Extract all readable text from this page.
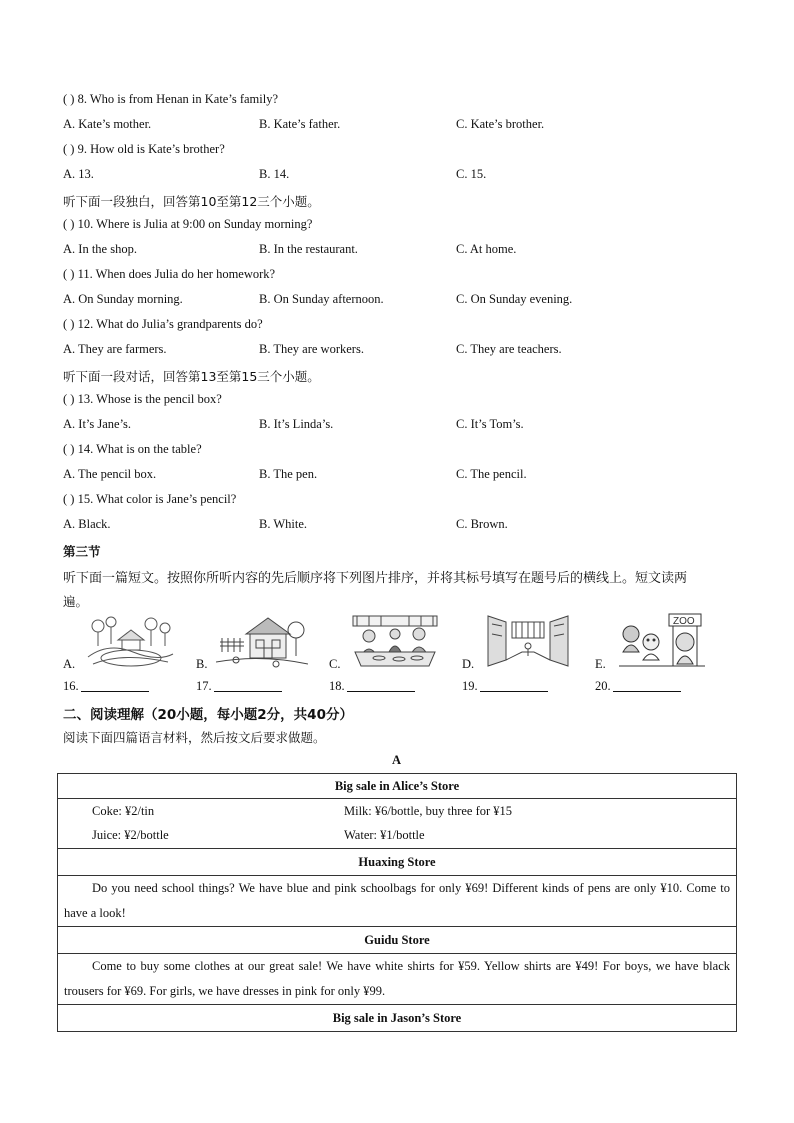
( ) 8. Who is from Henan in Kate’s family?
A. Kate’s mother.	B. Kate’s father.	C. Kate’s brother.
( ) 9. How old is Kate’s brother?
A. 13.	B. 14.	C. 15.
听下面一段独白，回答第10至第12三个小题。
( ) 10. Where is Julia at 9:00 on Sunday morning?
A. In the shop.	B. In the restaurant.	C. At home.
( ) 11. When does Julia do her homework?
A. On Sunday morning.	B. On Sunday afternoon.	C. On Sunday evening.
( ) 12. What do Julia’s grandparents do?
A. They are farmers.	B. They are workers.	C. They are teachers.
听下面一段对话，回答第13至第15三个小题。
( ) 13. Whose is the pencil box?
A. It’s Jane’s.	B. It’s Linda’s.	C. It’s Tom’s.
( ) 14. What is on the table?
A. The pencil box.	B. The pen.	C. The pencil.
( ) 15. What color is Jane’s pencil?
A. Black.	B. White.	C. Brown.
第三节
听下面一篇短文。按照你所听内容的先后顺序将下列图片排序，并将其标号填写在题号后的横线上。短文读两
遍。
A.	B.	C.	D.	E.
ZOO
16.	17.	18.	19.	20.
二、阅读理解（20小题，每小题2分，共40分）
阅读下面四篇语言材料，然后按文后要求做题。
A
Big sale in Alice’s Store	
Coke: ¥2/tin	Milk: ¥6/bottle, buy three for ¥15
Juice: ¥2/bottle	Water: ¥1/bottle
Huaxing Store	
Do you need school things? We have blue and pink schoolbags for only ¥69! Different kinds of pens are only ¥10. Come to have a look!	
Guidu Store	
Come to buy some clothes at our great sale! We have white shirts for ¥59. Yellow shirts are ¥49! For boys, we have black trousers for ¥69. For girls, we have dresses in pink for only ¥99.	
Big sale in Jason’s Store	
